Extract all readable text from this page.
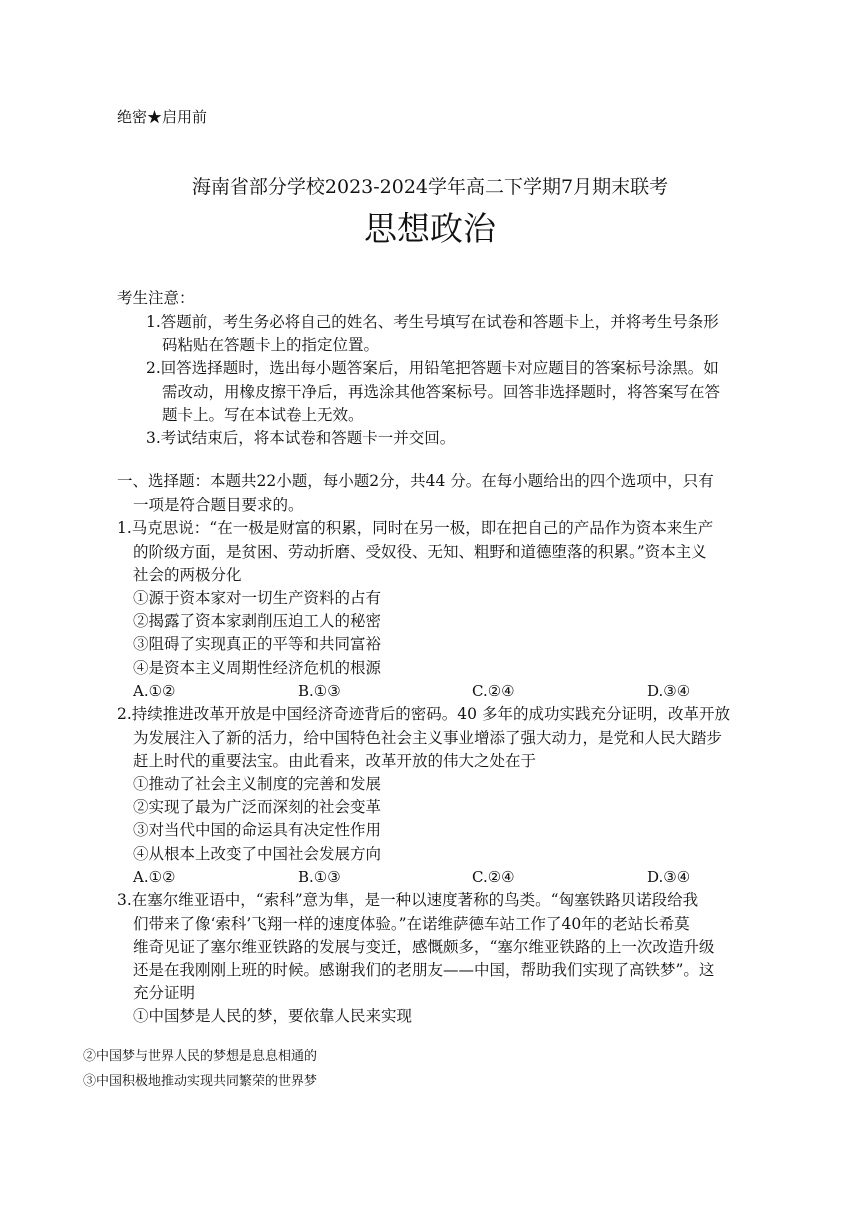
绝密★启用前
海南省部分学校2023-2024学年高二下学期7月期末联考
思想政治
考生注意：
1.答题前，考生务必将自己的姓名、考生号填写在试卷和答题卡上，并将考生号条形
码粘贴在答题卡上的指定位置。
2.回答选择题时，选出每小题答案后，用铅笔把答题卡对应题目的答案标号涂黑。如
需改动，用橡皮擦干净后，再选涂其他答案标号。回答非选择题时，将答案写在答
题卡上。写在本试卷上无效。
3.考试结束后，将本试卷和答题卡一并交回。
一、选择题：本题共22小题，每小题2分，共44 分。在每小题给出的四个选项中，只有
一项是符合题目要求的。
1.马克思说：“在一极是财富的积累，同时在另一极，即在把自己的产品作为资本来生产
的阶级方面，是贫困、劳动折磨、受奴役、无知、粗野和道德堕落的积累。”资本主义
社会的两极分化
①源于资本家对一切生产资料的占有
②揭露了资本家剥削压迫工人的秘密
③阻碍了实现真正的平等和共同富裕
④是资本主义周期性经济危机的根源
A.①②	B.①③	C.②④	D.③④
2.持续推进改革开放是中国经济奇迹背后的密码。40 多年的成功实践充分证明，改革开放
为发展注入了新的活力，给中国特色社会主义事业增添了强大动力，是党和人民大踏步
赶上时代的重要法宝。由此看来，改革开放的伟大之处在于
①推动了社会主义制度的完善和发展
②实现了最为广泛而深刻的社会变革
③对当代中国的命运具有决定性作用
④从根本上改变了中国社会发展方向
A.①②	B.①③	C.②④	D.③④
3.在塞尔维亚语中，“索科”意为隼，是一种以速度著称的鸟类。“匈塞铁路贝诺段给我
们带来了像‘索科’飞翔一样的速度体验。”在诺维萨德车站工作了40年的老站长希莫
维奇见证了塞尔维亚铁路的发展与变迁，感慨颇多，“塞尔维亚铁路的上一次改造升级
还是在我刚刚上班的时候。感谢我们的老朋友——中国，帮助我们实现了高铁梦”。这
充分证明
①中国梦是人民的梦，要依靠人民来实现
②中国梦与世界人民的梦想是息息相通的
③中国积极地推动实现共同繁荣的世界梦
